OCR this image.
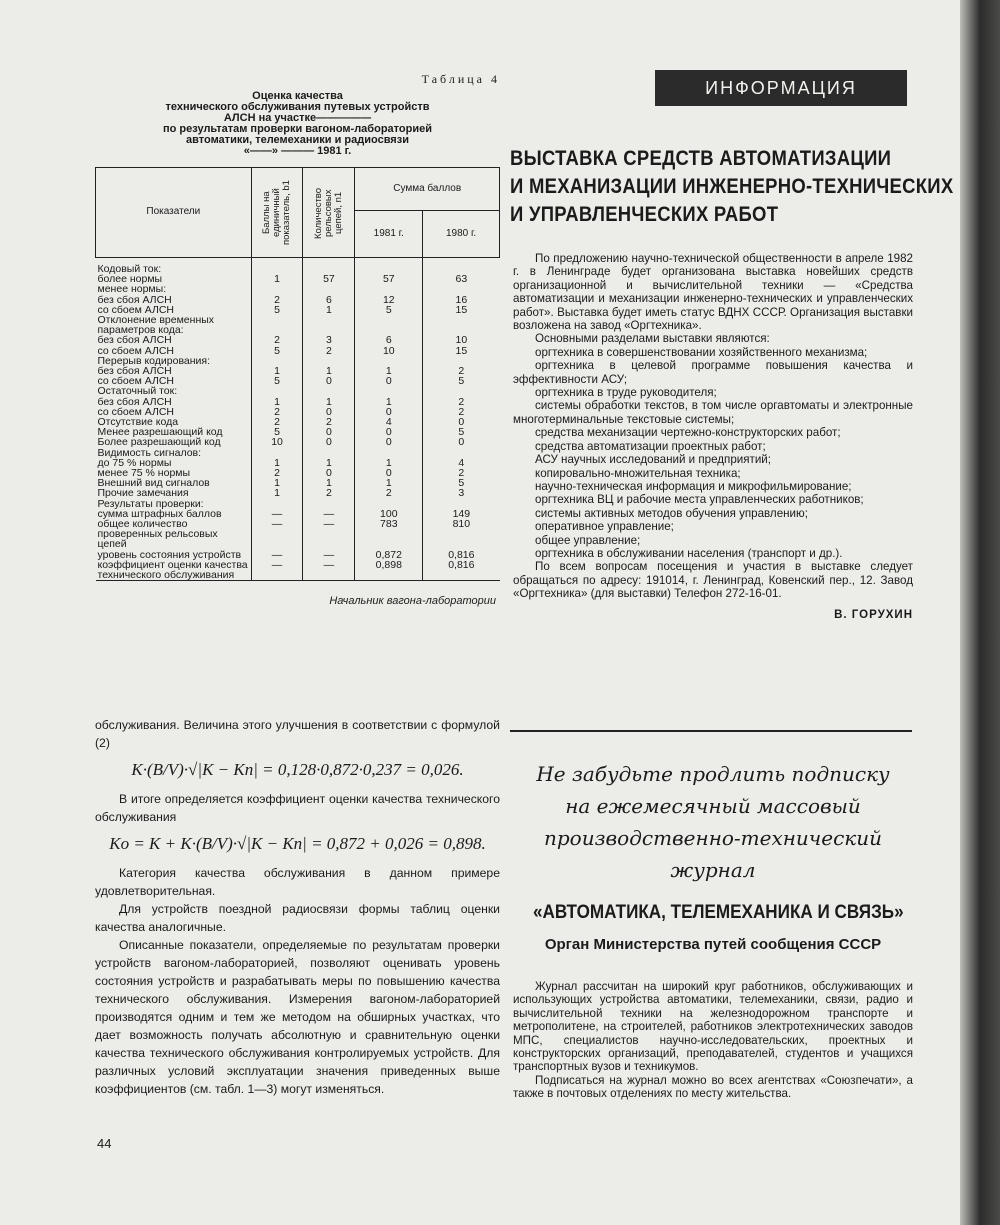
Таблица 4
Оценка качества
технического обслуживания путевых устройств
АЛСН на участке—————
по результатам проверки вагоном-лабораторией
автоматики, телемеханики и радиосвязи
«——» ——— 1981 г.
Показатели	Баллы на единичный показатель, b1	Количество рельсовых цепей, n1	Сумма баллов	
			1981 г.	1980 г.
Кодовый ток:				
более нормы	1	57	57	63
менее нормы:				
без сбоя АЛСН	2	6	12	16
со сбоем АЛСН	5	1	5	15
Отклонение временных параметров кода:				
без сбоя АЛСН	2	3	6	10
со сбоем АЛСН	5	2	10	15
Перерыв кодирования:				
без сбоя АЛСН	1	1	1	2
со сбоем АЛСН	5	0	0	5
Остаточный ток:				
без сбоя АЛСН	1	1	1	2
со сбоем АЛСН	2	0	0	2
Отсутствие кода	2	2	4	0
Менее разрешающий код	5	0	0	5
Более разрешающий код	10	0	0	0
Видимость сигналов:				
до 75 % нормы	1	1	1	4
менее 75 % нормы	2	0	0	2
Внешний вид сигналов	1	1	1	5
Прочие замечания	1	2	2	3
Результаты проверки:				
сумма штрафных баллов	—	—	100	149
общее количество проверенных рельсовых цепей	—	—	783	810
уровень состояния устройств	—	—	0,872	0,816
коэффициент оценки качества технического обслуживания	—	—	0,898	0,816
Начальник вагона-лаборатории

обслуживания. Величина этого улучшения в соответствии с формулой (2)

K·(B/V)·√|K − Kп| = 0,128·0,872·0,237 = 0,026.

В итоге определяется коэффициент оценки качества технического обслуживания

Kо = K + K·(B/V)·√|K − Kп| = 0,872 + 0,026 = 0,898.

Категория качества обслуживания в данном примере удовлетворительная.

Для устройств поездной радиосвязи формы таблиц оценки качества аналогичные.

Описанные показатели, определяемые по результатам проверки устройств вагоном-лабораторией, позволяют оценивать уровень состояния устройств и разрабатывать меры по повышению качества технического обслуживания. Измерения вагоном-лабораторией производятся одним и тем же методом на обширных участках, что дает возможность получать абсолютную и сравнительную оценки качества технического обслуживания контролируемых устройств. Для различных условий эксплуатации значения приведенных выше коэффициентов (см. табл. 1—3) могут изменяться.

44
ИНФОРМАЦИЯ
ВЫСТАВКА СРЕДСТВ АВТОМАТИЗАЦИИ
И МЕХАНИЗАЦИИ ИНЖЕНЕРНО-ТЕХНИЧЕСКИХ
И УПРАВЛЕНЧЕСКИХ РАБОТ

По предложению научно-технической общественности в апреле 1982 г. в Ленинграде будет организована выставка новейших средств организационной и вычислительной техники — «Средства автоматизации и механизации инженерно-технических и управленческих работ». Выставка будет иметь статус ВДНХ СССР. Организация выставки возложена на завод «Оргтехника».

Основными разделами выставки являются:

оргтехника в совершенствовании хозяйственного механизма;

оргтехника в целевой программе повышения качества и эффективности АСУ;

оргтехника в труде руководителя;

системы обработки текстов, в том числе оргавтоматы и электронные многотерминальные текстовые системы;

средства механизации чертежно-конструкторских работ;

средства автоматизации проектных работ;

АСУ научных исследований и предприятий;

копировально-множительная техника;

научно-техническая информация и микрофильмирование;

оргтехника ВЦ и рабочие места управленческих работников;

системы активных методов обучения управлению;

оперативное управление;

общее управление;

оргтехника в обслуживании населения (транспорт и др.).

По всем вопросам посещения и участия в выставке следует обращаться по адресу: 191014, г. Ленинград, Ковенский пер., 12. Завод «Оргтехника» (для выставки) Телефон 272-16-01.

В. ГОРУХИН
Не забудьте продлить подписку
на ежемесячный массовый
производственно-технический
журнал
«АВТОМАТИКА, ТЕЛЕМЕХАНИКА И СВЯЗЬ»
Орган Министерства путей сообщения СССР

Журнал рассчитан на широкий круг работников, обслуживающих и использующих устройства автоматики, телемеханики, связи, радио и вычислительной техники на железнодорожном транспорте и метрополитене, на строителей, работников электротехнических заводов МПС, специалистов научно-исследовательских, проектных и конструкторских организаций, преподавателей, студентов и учащихся транспортных вузов и техникумов.

Подписаться на журнал можно во всех агентствах «Союзпечати», а также в почтовых отделениях по месту жительства.
